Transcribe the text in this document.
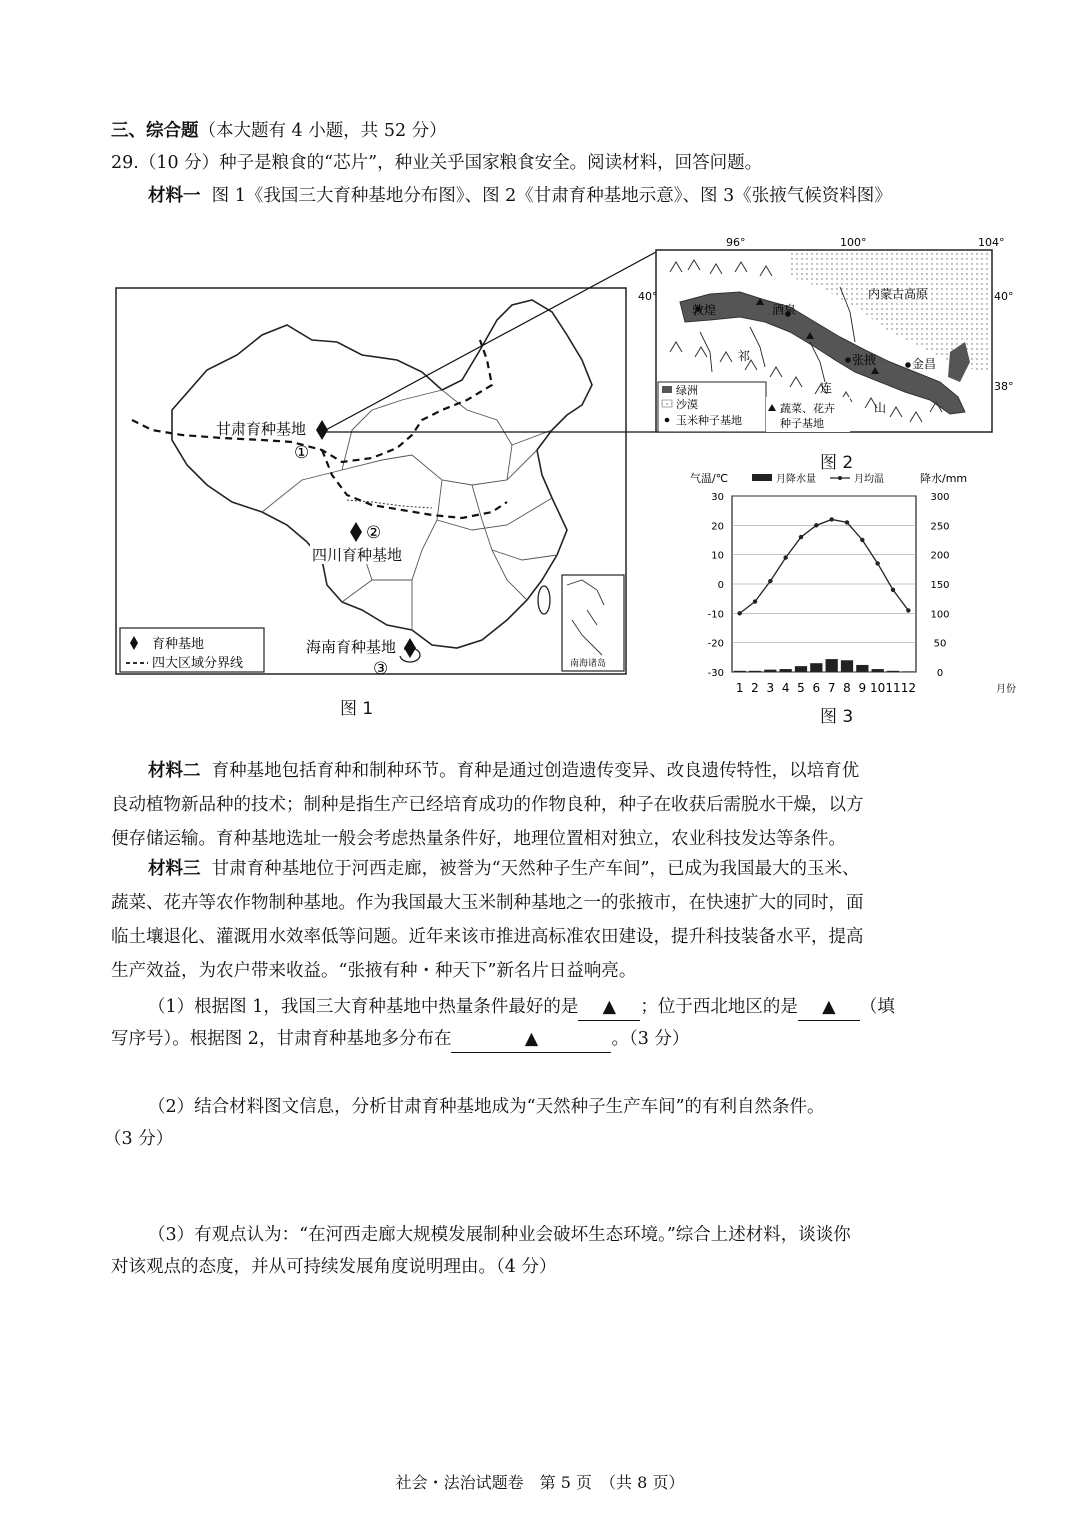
三、综合题（本大题有 4 小题，共 52 分）
29.（10 分）种子是粮食的“芯片”，种业关乎国家粮食安全。阅读材料，回答问题。
材料一 图 1《我国三大育种基地分布图》、图 2《甘肃育种基地示意》、图 3《张掖气候资料图》
南海诸岛
甘肃育种基地
①
②
四川育种基地
海南育种基地
③
育种基地
四大区域分界线
96°	100°	104°
40°	40°
38°
敦煌	酒泉
张掖	金昌
内蒙古高原
祁
连
山
绿洲
沙漠
玉米种子基地
蔬菜、花卉
种子基地
图 2
气温/℃	降水/mm
月降水量	月均温
30
20
10
0
-10
-20
-30
300
250
200
150
100
50
0
1 2 3 4 5 6 7 8 9 10 11 12	月份
图 1	图 3
材料二 育种基地包括育种和制种环节。育种是通过创造遗传变异、改良遗传特性，以培育优
良动植物新品种的技术；制种是指生产已经培育成功的作物良种，种子在收获后需脱水干燥，以方
便存储运输。育种基地选址一般会考虑热量条件好，地理位置相对独立，农业科技发达等条件。
材料三 甘肃育种基地位于河西走廊，被誉为“天然种子生产车间”，已成为我国最大的玉米、
蔬菜、花卉等农作物制种基地。作为我国最大玉米制种基地之一的张掖市，在快速扩大的同时，面
临土壤退化、灌溉用水效率低等问题。近年来该市推进高标准农田建设，提升科技装备水平，提高
生产效益，为农户带来收益。“张掖有种・种天下”新名片日益响亮。
（1）根据图 1，我国三大育种基地中热量条件最好的是 ▲ ；位于西北地区的是 ▲ （填
写序号）。根据图 2，甘肃育种基地多分布在	▲	。（3 分）
（2）结合材料图文信息，分析甘肃育种基地成为“天然种子生产车间”的有利自然条件。
（3 分）
（3）有观点认为：“在河西走廊大规模发展制种业会破坏生态环境。”综合上述材料，谈谈你
对该观点的态度，并从可持续发展角度说明理由。（4 分）
社会・法治试题卷　第 5 页　（共 8 页）
